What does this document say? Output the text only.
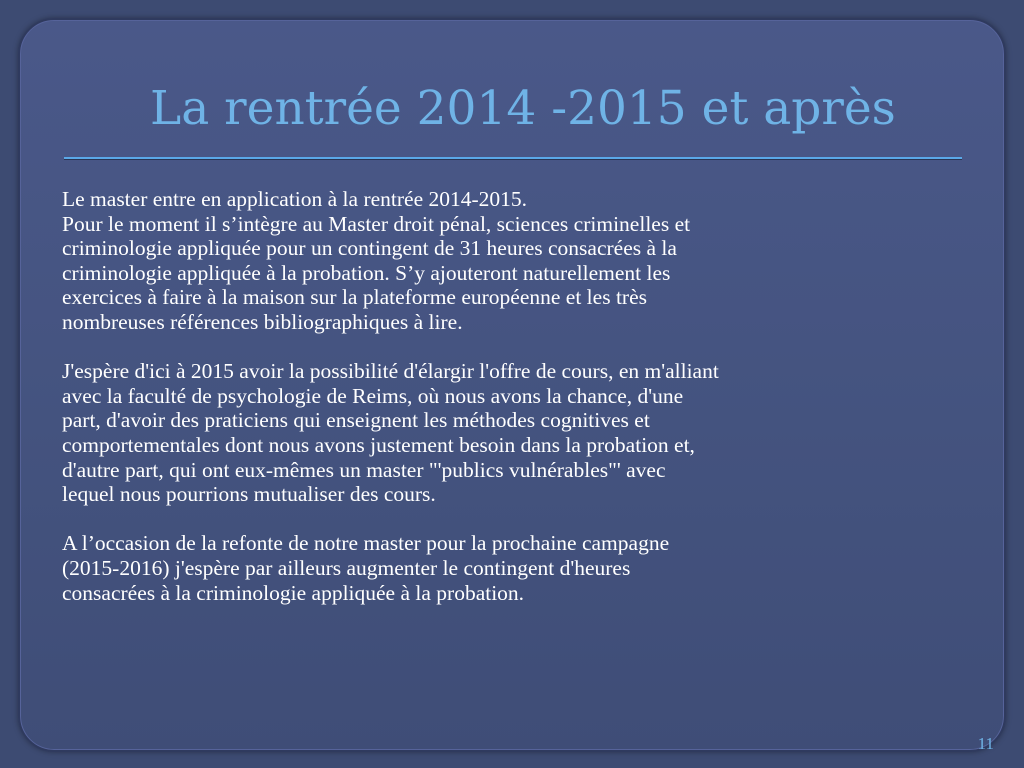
La rentrée 2014 -2015 et après

Le master entre en application à la rentrée 2014-2015.
Pour le moment il s’intègre au Master droit pénal, sciences criminelles et
criminologie appliquée pour un contingent de 31 heures consacrées à la
criminologie appliquée à la probation. S’y ajouteront naturellement les
exercices à faire à la maison sur la plateforme européenne et les très
nombreuses références bibliographiques à lire.

J'espère d'ici à 2015 avoir la possibilité d'élargir l'offre de cours, en m'alliant
avec la faculté de psychologie de Reims, où nous avons la chance, d'une
part, d'avoir des praticiens qui enseignent les méthodes cognitives et
comportementales dont nous avons justement besoin dans la probation et,
d'autre part, qui ont eux-mêmes un master "'publics vulnérables"' avec
lequel nous pourrions mutualiser des cours.

A l’occasion de la refonte de notre master pour la prochaine campagne
(2015-2016) j'espère par ailleurs augmenter le contingent d'heures
consacrées à la criminologie appliquée à la probation.

11
